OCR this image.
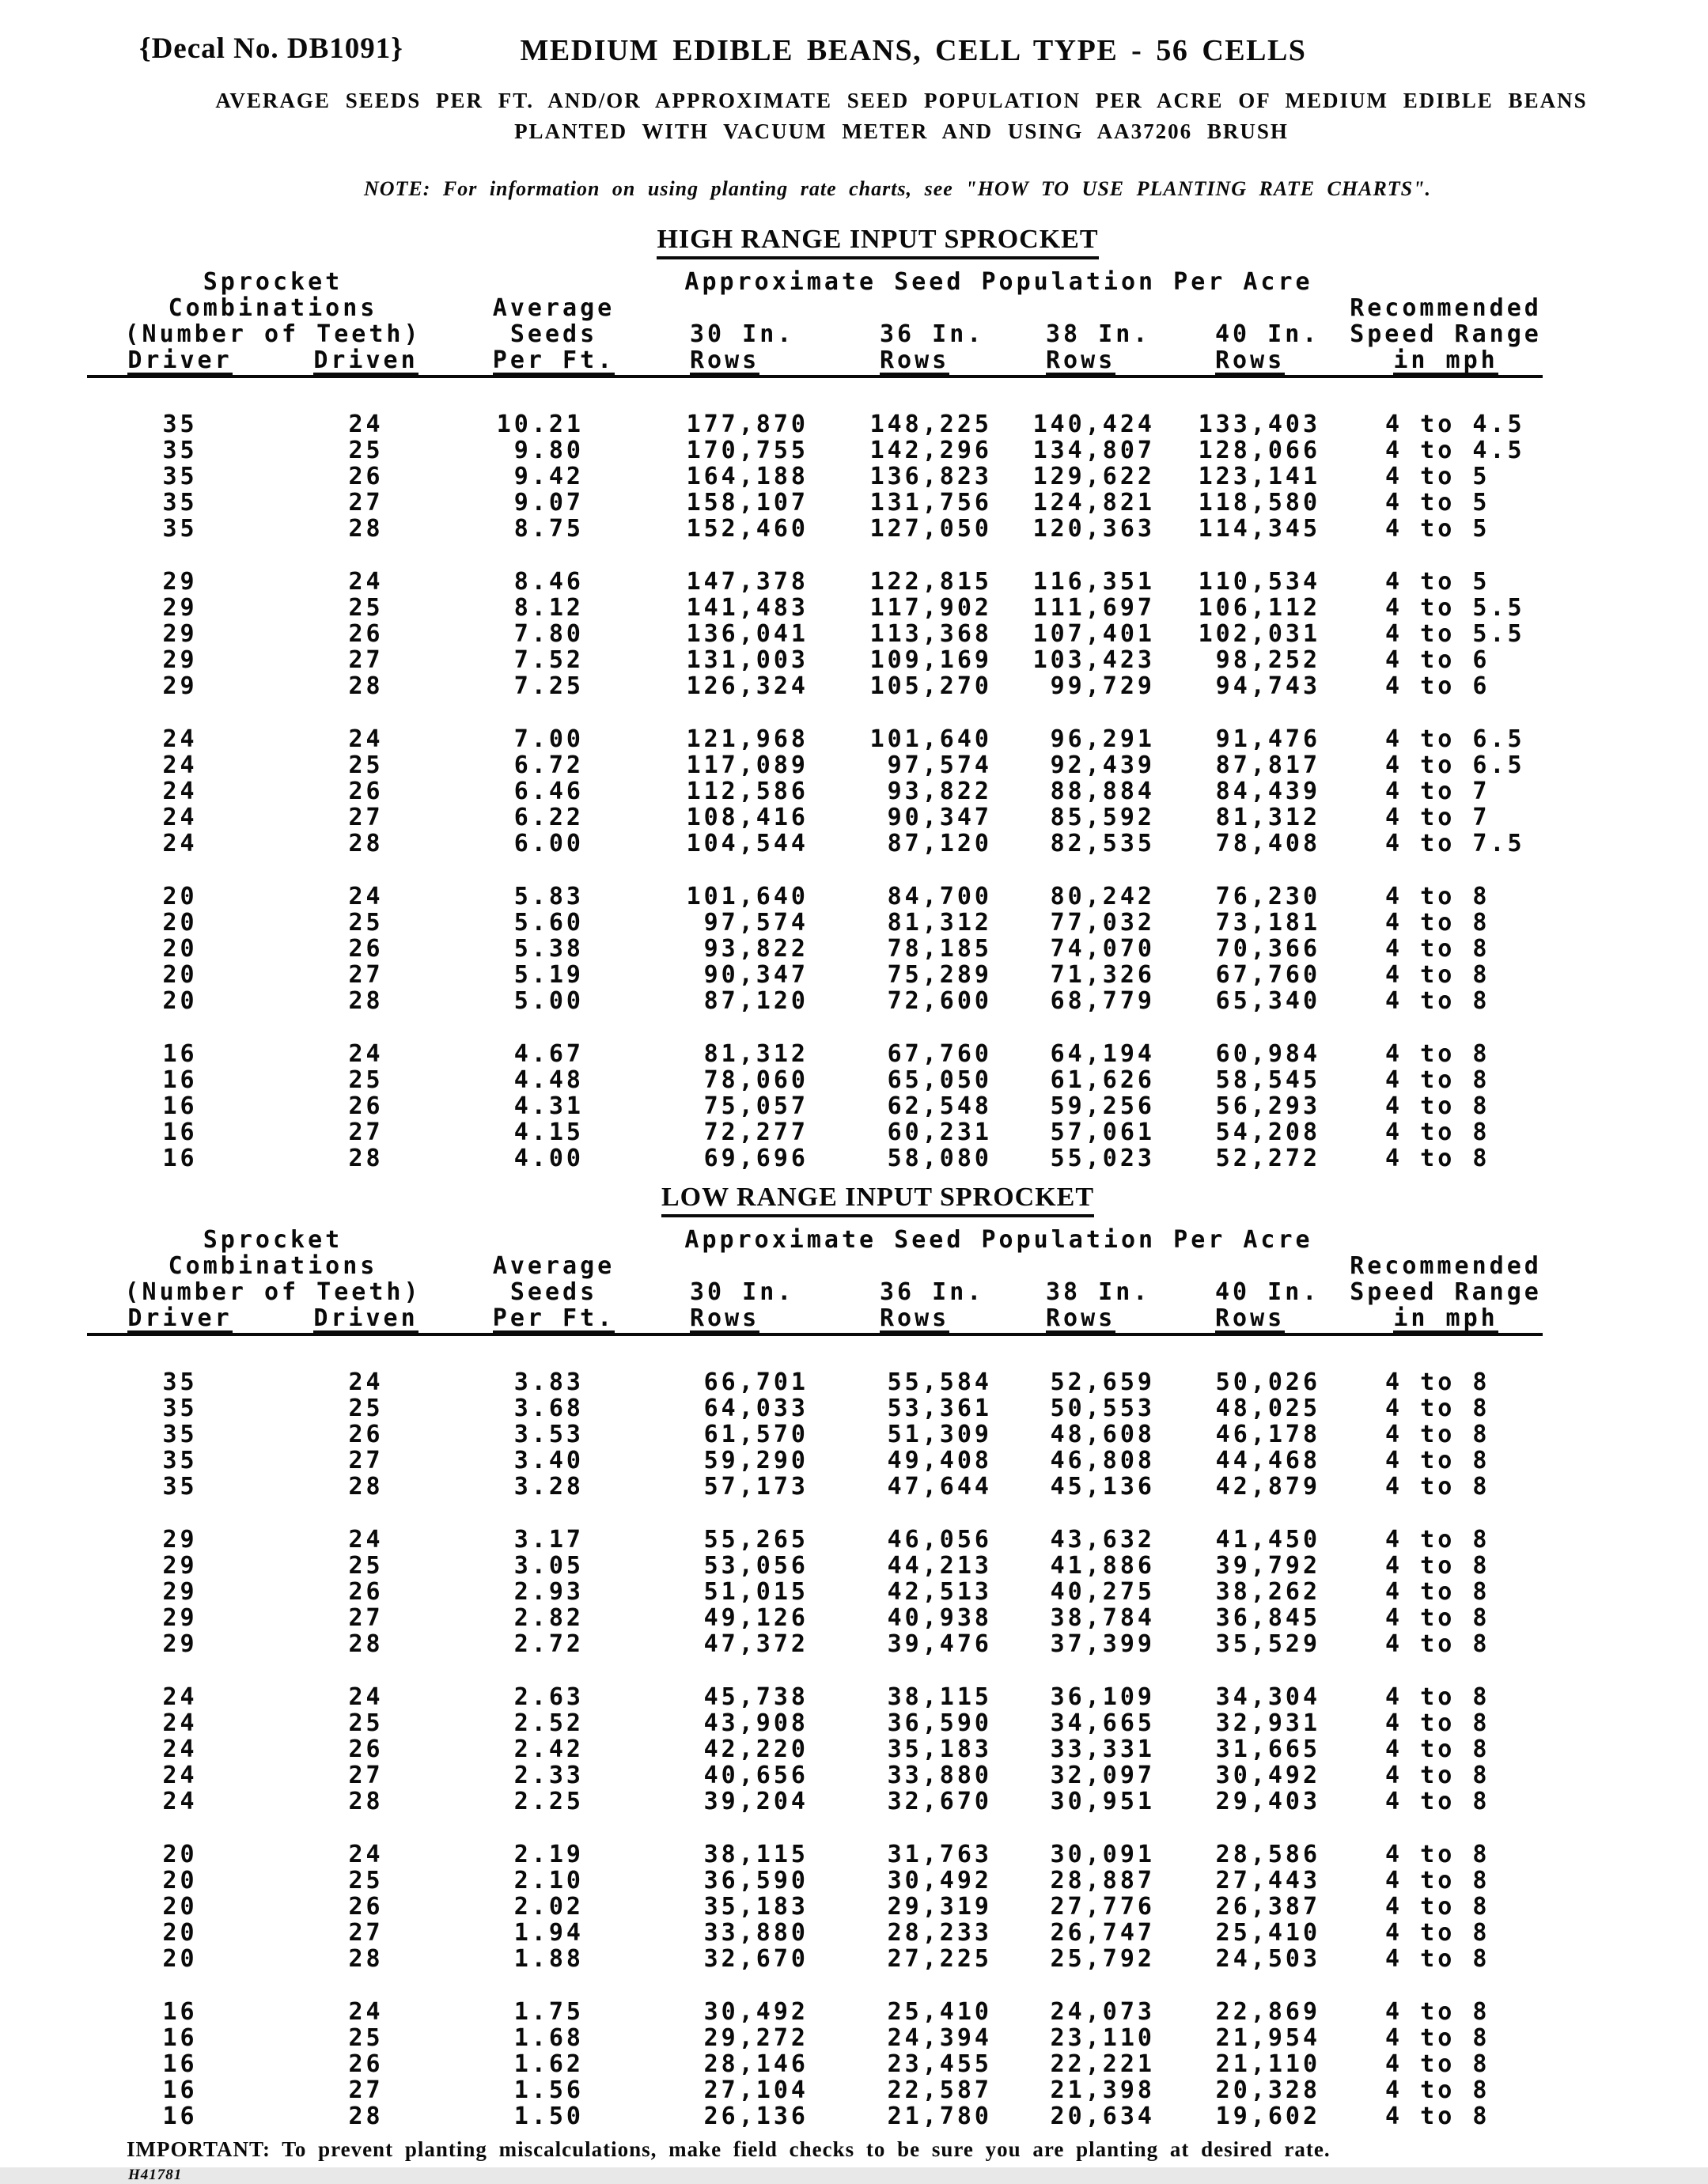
{Decal No. DB1091}	MEDIUM EDIBLE BEANS, CELL TYPE - 56 CELLS
AVERAGE SEEDS PER FT. AND/OR APPROXIMATE SEED POPULATION PER ACRE OF MEDIUM EDIBLE BEANS
PLANTED WITH VACUUM METER AND USING AA37206 BRUSH
NOTE: For information on using planting rate charts, see "HOW TO USE PLANTING RATE CHARTS".
HIGH RANGE INPUT SPROCKET
Sprocket			Approximate Seed Population Per Acre				
Combinations		Average					Recommended
(Number of Teeth)		Seeds	30 In.	36 In.	38 In.	40 In.	Speed Range
Driver	Driven	Per Ft.	Rows	Rows	Rows	Rows	in mph

35	24	10.21	177,870	148,225	140,424	133,403	4 to 4.5
35	25	9.80	170,755	142,296	134,807	128,066	4 to 4.5
35	26	9.42	164,188	136,823	129,622	123,141	4 to 5
35	27	9.07	158,107	131,756	124,821	118,580	4 to 5
35	28	8.75	152,460	127,050	120,363	114,345	4 to 5

29	24	8.46	147,378	122,815	116,351	110,534	4 to 5
29	25	8.12	141,483	117,902	111,697	106,112	4 to 5.5
29	26	7.80	136,041	113,368	107,401	102,031	4 to 5.5
29	27	7.52	131,003	109,169	103,423	98,252	4 to 6
29	28	7.25	126,324	105,270	99,729	94,743	4 to 6

24	24	7.00	121,968	101,640	96,291	91,476	4 to 6.5
24	25	6.72	117,089	97,574	92,439	87,817	4 to 6.5
24	26	6.46	112,586	93,822	88,884	84,439	4 to 7
24	27	6.22	108,416	90,347	85,592	81,312	4 to 7
24	28	6.00	104,544	87,120	82,535	78,408	4 to 7.5

20	24	5.83	101,640	84,700	80,242	76,230	4 to 8
20	25	5.60	97,574	81,312	77,032	73,181	4 to 8
20	26	5.38	93,822	78,185	74,070	70,366	4 to 8
20	27	5.19	90,347	75,289	71,326	67,760	4 to 8
20	28	5.00	87,120	72,600	68,779	65,340	4 to 8

16	24	4.67	81,312	67,760	64,194	60,984	4 to 8
16	25	4.48	78,060	65,050	61,626	58,545	4 to 8
16	26	4.31	75,057	62,548	59,256	56,293	4 to 8
16	27	4.15	72,277	60,231	57,061	54,208	4 to 8
16	28	4.00	69,696	58,080	55,023	52,272	4 to 8
LOW RANGE INPUT SPROCKET
Sprocket			Approximate Seed Population Per Acre				
Combinations		Average					Recommended
(Number of Teeth)		Seeds	30 In.	36 In.	38 In.	40 In.	Speed Range
Driver	Driven	Per Ft.	Rows	Rows	Rows	Rows	in mph

35	24	3.83	66,701	55,584	52,659	50,026	4 to 8
35	25	3.68	64,033	53,361	50,553	48,025	4 to 8
35	26	3.53	61,570	51,309	48,608	46,178	4 to 8
35	27	3.40	59,290	49,408	46,808	44,468	4 to 8
35	28	3.28	57,173	47,644	45,136	42,879	4 to 8

29	24	3.17	55,265	46,056	43,632	41,450	4 to 8
29	25	3.05	53,056	44,213	41,886	39,792	4 to 8
29	26	2.93	51,015	42,513	40,275	38,262	4 to 8
29	27	2.82	49,126	40,938	38,784	36,845	4 to 8
29	28	2.72	47,372	39,476	37,399	35,529	4 to 8

24	24	2.63	45,738	38,115	36,109	34,304	4 to 8
24	25	2.52	43,908	36,590	34,665	32,931	4 to 8
24	26	2.42	42,220	35,183	33,331	31,665	4 to 8
24	27	2.33	40,656	33,880	32,097	30,492	4 to 8
24	28	2.25	39,204	32,670	30,951	29,403	4 to 8

20	24	2.19	38,115	31,763	30,091	28,586	4 to 8
20	25	2.10	36,590	30,492	28,887	27,443	4 to 8
20	26	2.02	35,183	29,319	27,776	26,387	4 to 8
20	27	1.94	33,880	28,233	26,747	25,410	4 to 8
20	28	1.88	32,670	27,225	25,792	24,503	4 to 8

16	24	1.75	30,492	25,410	24,073	22,869	4 to 8
16	25	1.68	29,272	24,394	23,110	21,954	4 to 8
16	26	1.62	28,146	23,455	22,221	21,110	4 to 8
16	27	1.56	27,104	22,587	21,398	20,328	4 to 8
16	28	1.50	26,136	21,780	20,634	19,602	4 to 8
IMPORTANT: To prevent planting miscalculations, make field checks to be sure you are planting at desired rate.
H41781
